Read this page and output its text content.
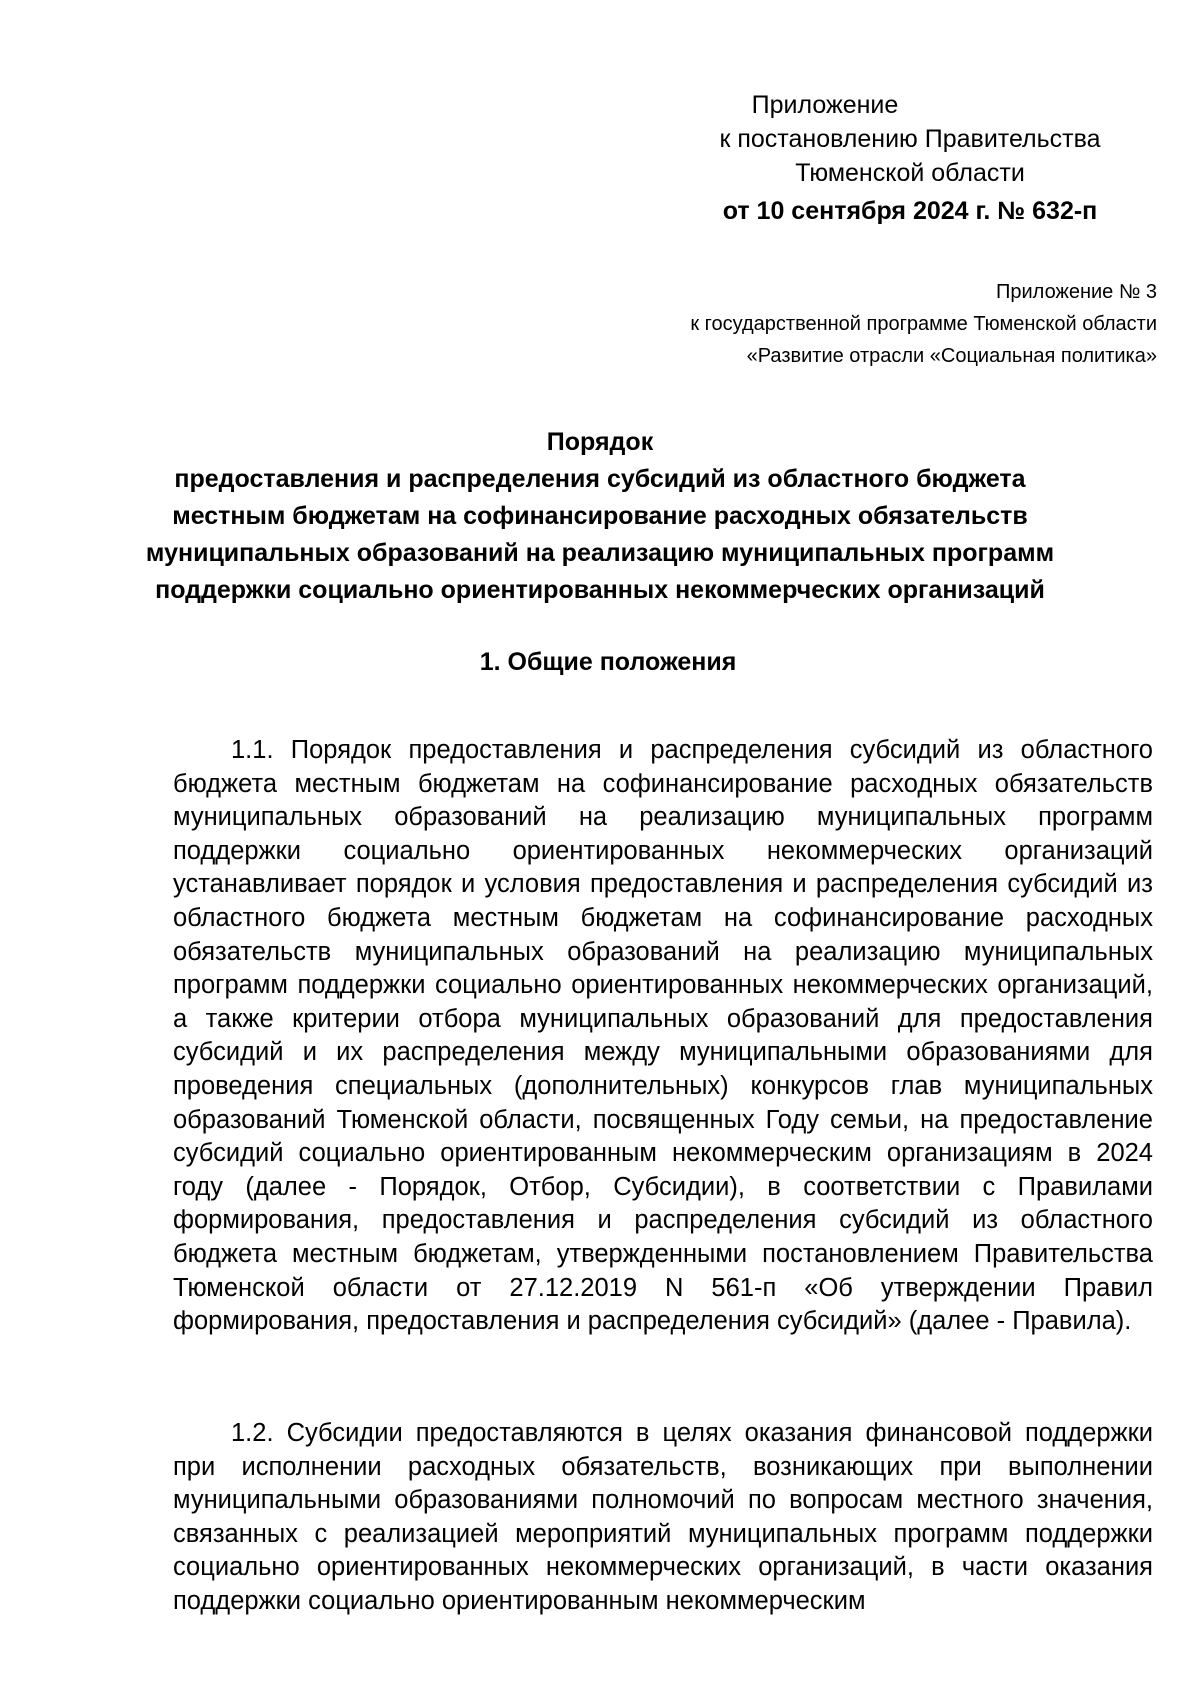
Приложение
к постановлению Правительства
Тюменской области
от 10 сентября 2024 г. № 632-п
Приложение № 3
к государственной программе Тюменской области
«Развитие отрасли «Социальная политика»
Порядок
предоставления и распределения субсидий из областного бюджета
местным бюджетам на софинансирование расходных обязательств
муниципальных образований на реализацию муниципальных программ
поддержки социально ориентированных некоммерческих организаций
1. Общие положения
1.1. Порядок предоставления и распределения субсидий из областного бюджета местным бюджетам на софинансирование расходных обязательств муниципальных образований на реализацию муниципальных программ поддержки социально ориентированных некоммерческих организаций устанавливает порядок и условия предоставления и распределения субсидий из областного бюджета местным бюджетам на софинансирование расходных обязательств муниципальных образований на реализацию муниципальных программ поддержки социально ориентированных некоммерческих организаций, а также критерии отбора муниципальных образований для предоставления субсидий и их распределения между муниципальными образованиями для проведения специальных (дополнительных) конкурсов глав муниципальных образований Тюменской области, посвященных Году семьи, на предоставление субсидий социально ориентированным некоммерческим организациям в 2024 году (далее - Порядок, Отбор, Субсидии), в соответствии с Правилами формирования, предоставления и распределения субсидий из областного бюджета местным бюджетам, утвержденными постановлением Правительства Тюменской области от 27.12.2019 N 561-п «Об утверждении Правил формирования, предоставления и распределения субсидий» (далее - Правила).
1.2. Субсидии предоставляются в целях оказания финансовой поддержки при исполнении расходных обязательств, возникающих при выполнении муниципальными образованиями полномочий по вопросам местного значения, связанных с реализацией мероприятий муниципальных программ поддержки социально ориентированных некоммерческих организаций, в части оказания поддержки социально ориентированным некоммерческим
